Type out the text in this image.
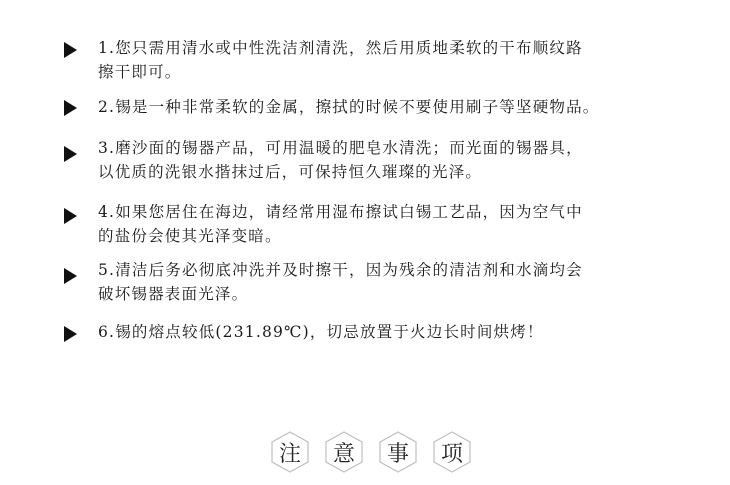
1.您只需用清水或中性洗洁剂清洗，然后用质地柔软的干布顺纹路
擦干即可。
2.锡是一种非常柔软的金属，擦拭的时候不要使用刷子等坚硬物品。
3.磨沙面的锡器产品，可用温暖的肥皂水清洗；而光面的锡器具，
以优质的洗银水揩抹过后，可保持恒久璀璨的光泽。
4.如果您居住在海边，请经常用湿布擦试白锡工艺品，因为空气中
的盐份会使其光泽变暗。
5.清洁后务必彻底冲洗并及时擦干，因为残余的清洁剂和水滴均会
破坏锡器表面光泽。
6.锡的熔点较低(231.89℃)，切忌放置于火边长时间烘烤！
注 意 事 项
